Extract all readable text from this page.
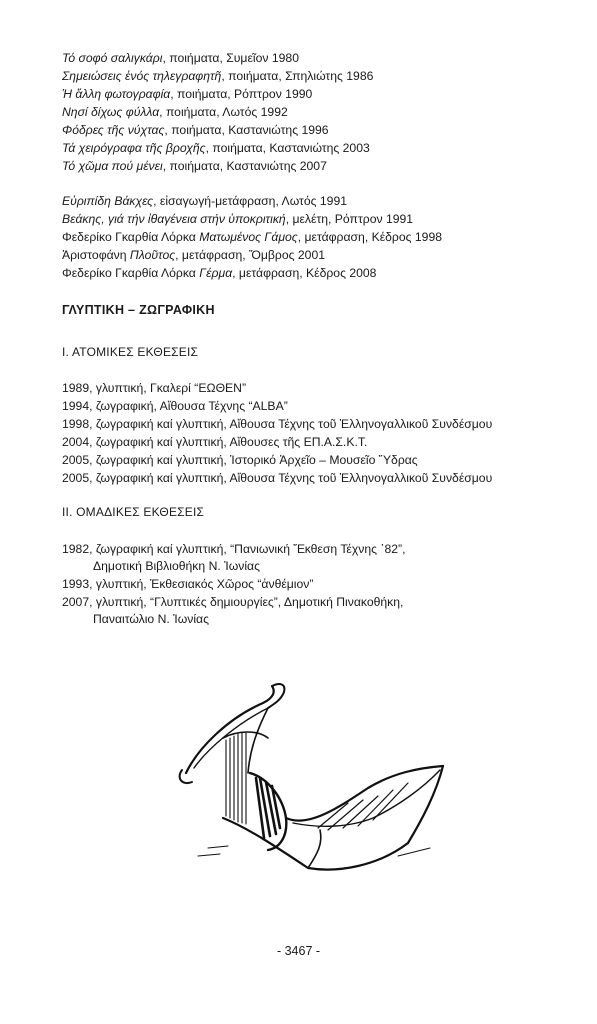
Τό σοφό σαλιγκάρι, ποιήματα, Συμεῖον 1980
Σημειώσεις ἑνός τηλεγραφητῆ, ποιήματα, Σπηλιώτης 1986
Ἡ ἄλλη φωτογραφία, ποιήματα, Ρόπτρον 1990
Νησί δίχως φύλλα, ποιήματα, Λωτός 1992
Φόδρες τῆς νύχτας, ποιήματα, Καστανιώτης 1996
Τά χειρόγραφα τῆς βροχῆς, ποιήματα, Καστανιώτης 2003
Τό χῶμα πού μένει, ποιήματα, Καστανιώτης 2007
Εὐριπίδη Βάκχες, εἰσαγωγή-μετάφραση, Λωτός 1991
Βεάκης, γιά τήν ἰθαγένεια στήν ὑποκριτική, μελέτη, Ρόπτρον 1991
Φεδερίκο Γκαρθία Λόρκα Ματωμένος Γάμος, μετάφραση, Κέδρος 1998
Ἀριστοφάνη Πλοῦτος, μετάφραση, Ὄμβρος 2001
Φεδερίκο Γκαρθία Λόρκα Γέρμα, μετάφραση, Κέδρος 2008
ΓΛΥΠΤΙΚΗ – ΖΩΓΡΑΦΙΚΗ
Ι. ΑΤΟΜΙΚΕΣ ΕΚΘΕΣΕΙΣ
1989, γλυπτική, Γκαλερί “ΕΩΘΕΝ”
1994, ζωγραφική, Αἴθουσα Τέχνης “ALBA”
1998, ζωγραφική καί γλυπτική, Αἴθουσα Τέχνης τοῦ Ἑλληνογαλλικοῦ Συνδέσμου
2004, ζωγραφική καί γλυπτική, Αἴθουσες τῆς ΕΠ.Α.Σ.Κ.Τ.
2005, ζωγραφική καί γλυπτική, Ἱστορικό Ἀρχεῖο – Μουσεῖο Ὕδρας
2005, ζωγραφική καί γλυπτική, Αἴθουσα Τέχνης τοῦ Ἑλληνογαλλικοῦ Συνδέσμου
ΙΙ. ΟΜΑΔΙΚΕΣ ΕΚΘΕΣΕΙΣ
1982, ζωγραφική καί γλυπτική, “Πανιωνική Ἔκθεση Τέχνης ᾽82”,
Δημοτική Βιβλιοθήκη Ν. Ἰωνίας
1993, γλυπτική, Ἐκθεσιακός Χῶρος “ἀνθέμιον”
2007, γλυπτική, “Γλυπτικές δημιουργίες”, Δημοτική Πινακοθήκη,
Παναιτώλιο Ν. Ἰωνίας
- 3467 -
